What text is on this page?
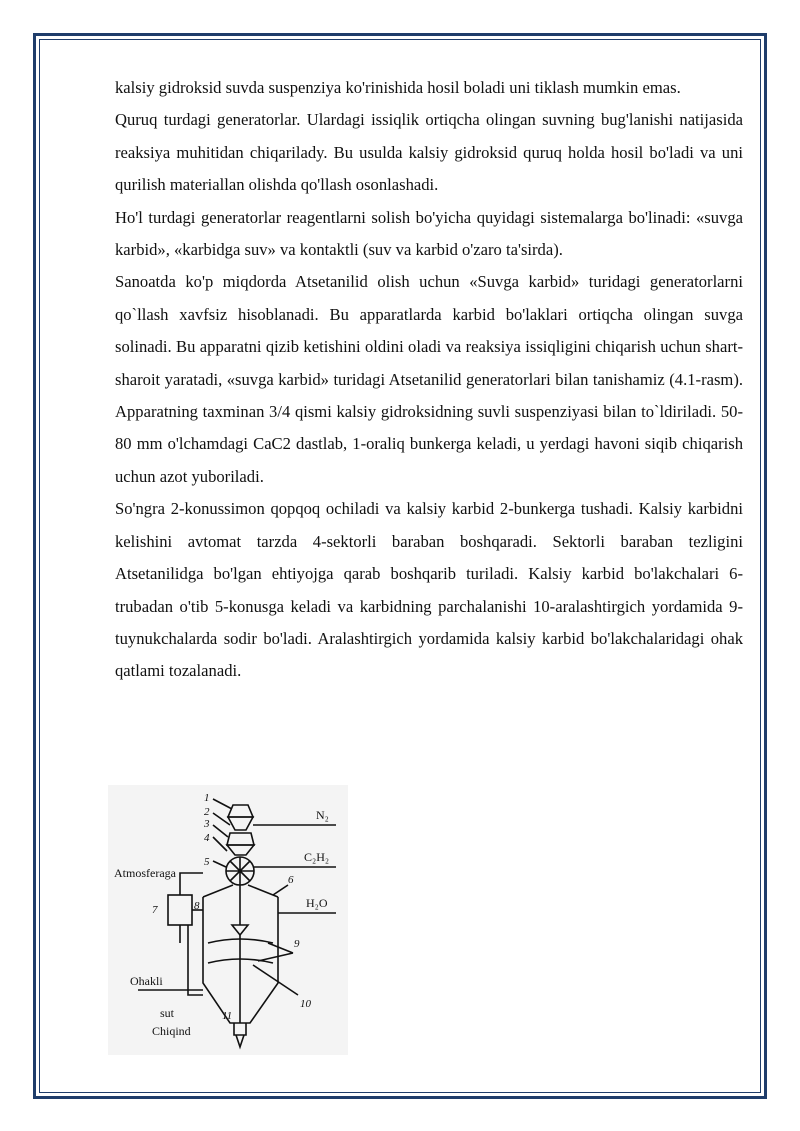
kalsiy gidroksid suvda suspenziya ko'rinishida hosil boladi uni tiklash mumkin emas.

Quruq turdagi generatorlar. Ulardagi issiqlik ortiqcha olingan suvning bug'lanishi natijasida reaksiya muhitidan chiqarilady. Bu usulda kalsiy gidroksid quruq holda hosil bo'ladi va uni qurilish materiallan olishda qo'llash osonlashadi.

Ho'l turdagi generatorlar reagentlarni solish bo'yicha quyidagi sistemalarga bo'linadi: «suvga karbid», «karbidga suv» va kontaktli (suv va karbid o'zaro ta'sirda).

Sanoatda ko'p miqdorda Atsetanilid olish uchun «Suvga karbid» turidagi generatorlarni qo`llash xavfsiz hisoblanadi. Bu apparatlarda karbid bo'laklari ortiqcha olingan suvga solinadi. Bu apparatni qizib ketishini oldini oladi va reaksiya issiqligini chiqarish uchun shart-sharoit yaratadi, «suvga karbid» turidagi Atsetanilid generatorlari bilan tanishamiz (4.1-rasm). Apparatning taxminan 3/4 qismi kalsiy gidroksidning suvli suspenziyasi bilan to`ldiriladi. 50-80 mm o'lchamdagi CaC2 dastlab, 1-oraliq bunkerga keladi, u yerdagi havoni siqib chiqarish uchun azot yuboriladi.

So'ngra 2-konussimon qopqoq ochiladi va kalsiy karbid 2-bunkerga tushadi. Kalsiy karbidni kelishini avtomat tarzda 4-sektorli baraban boshqaradi. Sektorli baraban tezligini Atsetanilidga bo'lgan ehtiyojga qarab boshqarib turiladi. Kalsiy karbid bo'lakchalari 6-trubadan o'tib 5-konusga keladi va karbidning parchalanishi 10-aralashtirgich yordamida 9-tuynukchalarda sodir bo'ladi. Aralashtirgich yordamida kalsiy karbid bo'lakchalaridagi ohak qatlami tozalanadi.

1
2
3
4
5
6
7	8
9
10
11
N₂
C₂H₂
H₂O
Atmosferaga
Ohakli
sut
Chiqind
